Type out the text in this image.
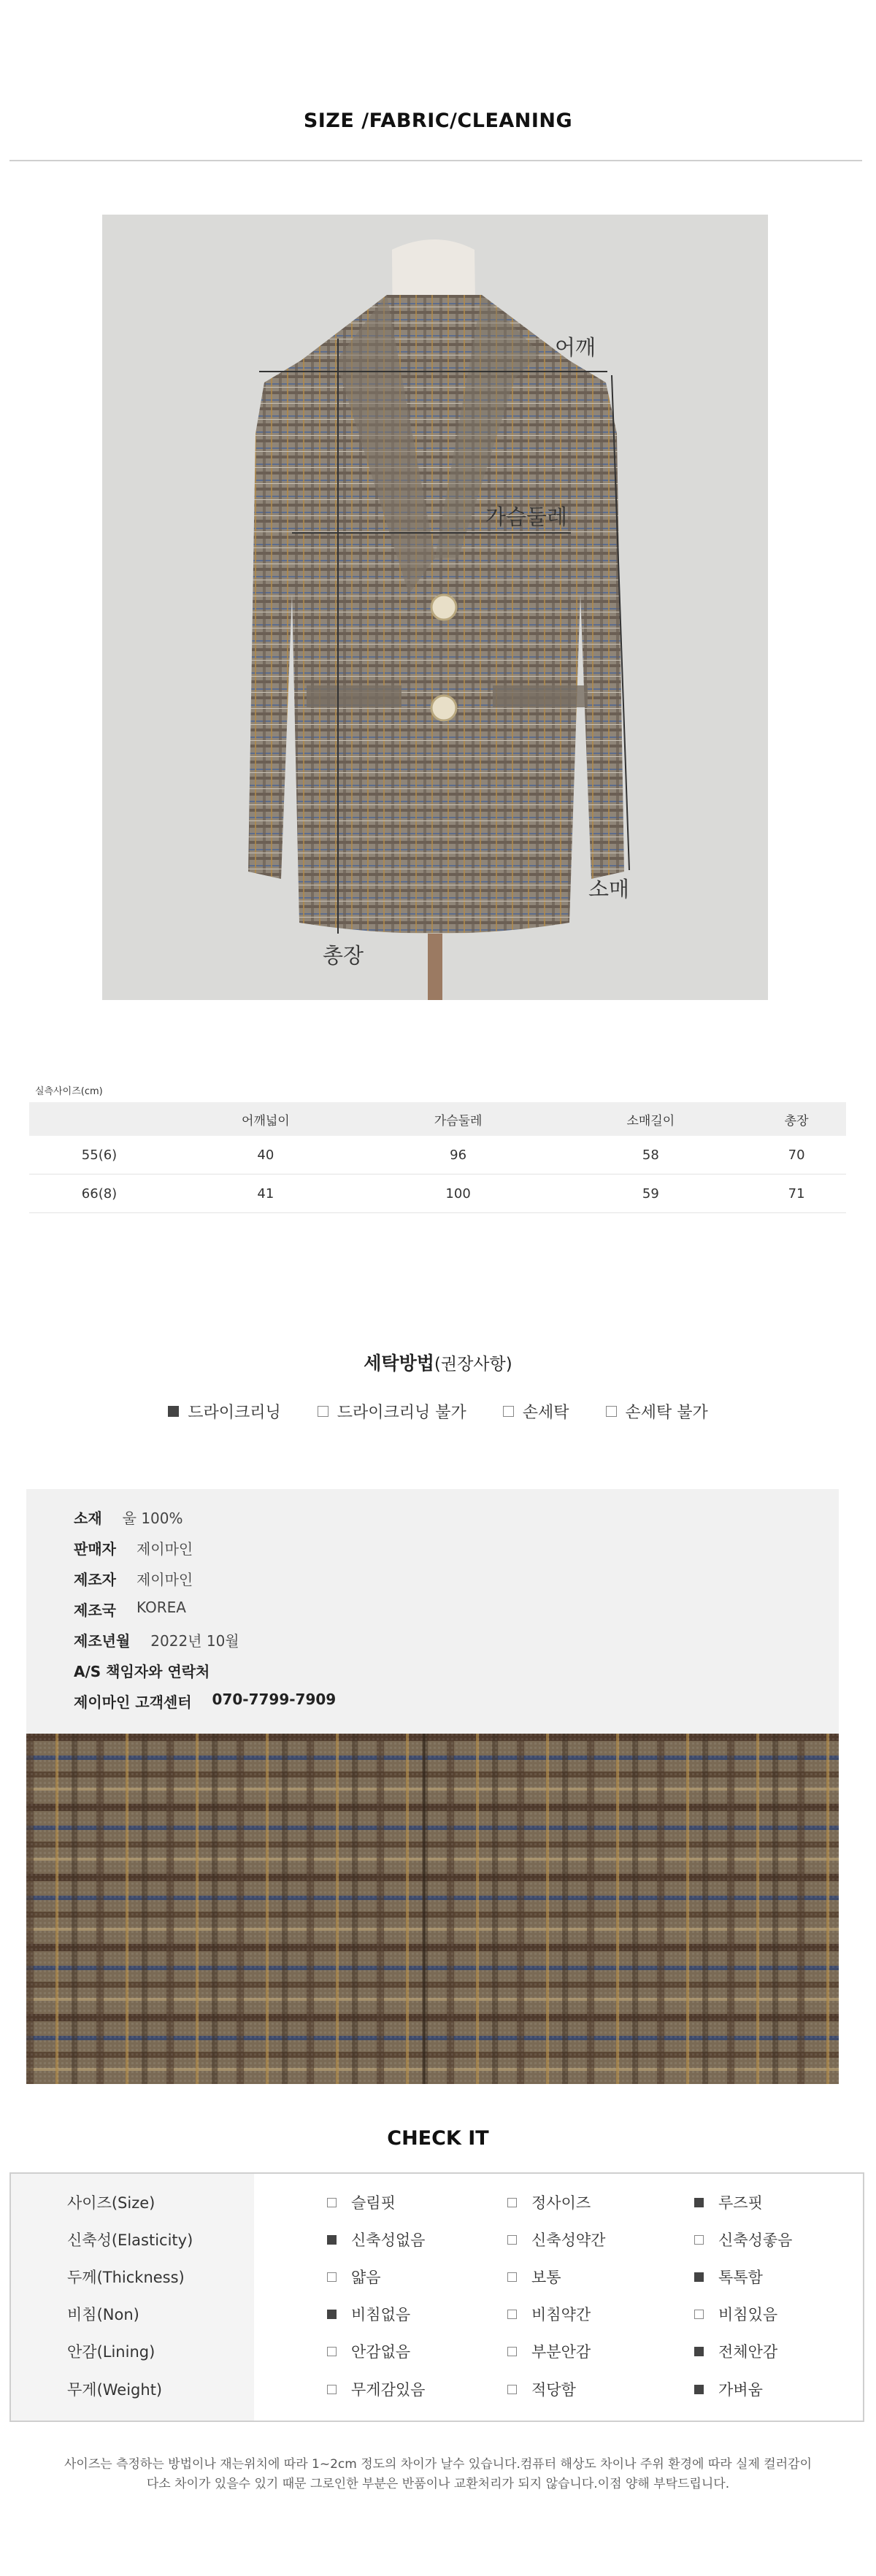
SIZE /FABRIC/CLEANING
어깨
가슴둘레
소매
총장
실측사이즈(cm)
	어깨넓이	가슴둘레	소매길이	총장
55(6)	40	96	58	70
66(8)	41	100	59	71
세탁방법(권장사항)
드라이크리닝	드라이크리닝 불가	손세탁	손세탁 불가
소재 울 100%
판매자 제이마인
제조자 제이마인
제조국 KOREA
제조년월 2022년 10월
A/S 책임자와 연락처
제이마인 고객센터 070-7799-7909
CHECK IT
사이즈(Size)	슬림핏	정사이즈	루즈핏
신축성(Elasticity)	신축성없음	신축성약간	신축성좋음
두께(Thickness)	얇음	보통	톡톡함
비침(Non)	비침없음	비침약간	비침있음
안감(Lining)	안감없음	부분안감	전체안감
무게(Weight)	무게감있음	적당함	가벼움
사이즈는 측정하는 방법이나 재는위치에 따라 1~2cm 정도의 차이가 날수 있습니다.컴퓨터 해상도 차이나 주위 환경에 따라 실제 컬러감이
다소 차이가 있을수 있기 때문 그로인한 부분은 반품이나 교환처리가 되지 않습니다.이점 양해 부탁드립니다.
